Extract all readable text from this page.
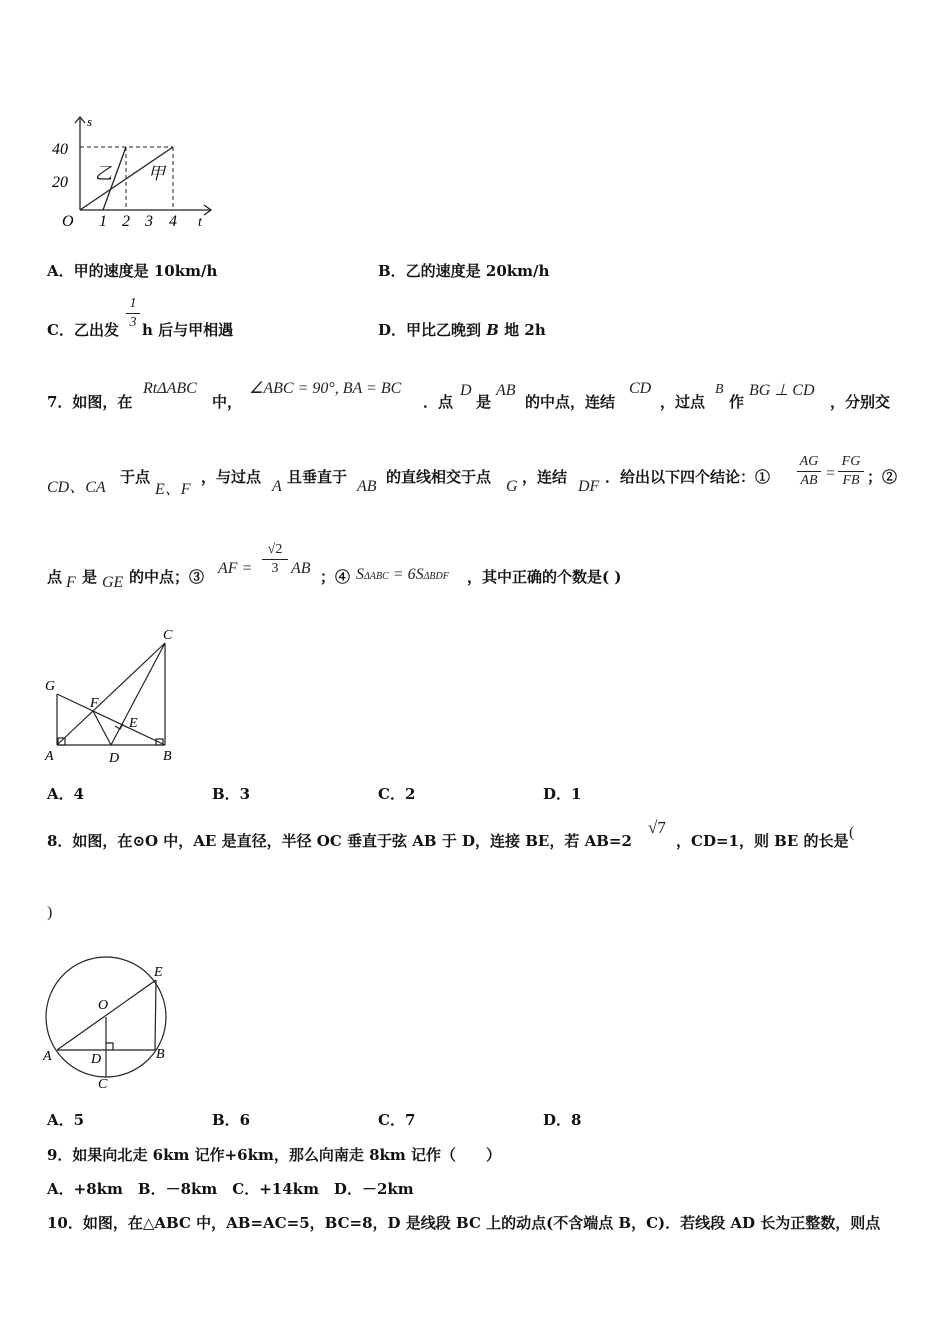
s
t
O
40
20
1 2 3 4
乙 甲
A．甲的速度是 10km/h	B．乙的速度是 20km/h
C．乙出发
1
3 h 后与甲相遇	D．甲比乙晚到 B 地 2h
7．如图，在
RtΔABC
中，
∠ABC = 90°, BA = BC
．点
D
是
AB
的中点，连结
CD
，过点
B
作
BG ⊥ CD
，分别交
CD、CA
于点
E、F
，与过点
A
且垂直于
AB
的直线相交于点
G
，连结
DF
．给出以下四个结论：①
AG
AB =
FG
FB ；②
点 F 是 GE 的中点；③ AF =
√2
3 AB ；④ SΔABC = 6SΔBDF ，其中正确的个数是( )
C
G
F
E
A	D	B
A．4	B．3	C．2	D．1
8．如图，在⊙O 中，AE 是直径，半径 OC 垂直于弦 AB 于 D，连接 BE，若 AB=2
√7
，CD=1，则 BE 的长是 (
)
E
O
A	D	B
C
A．5	B．6	C．7	D．8
9．如果向北走 6km 记作+6km，那么向南走 8km 记作（　　）
A．+8km　B．－8km　C．+14km　D．－2km
10．如图，在△ABC 中，AB=AC=5，BC=8，D 是线段 BC 上的动点(不含端点 B，C)．若线段 AD 长为正整数，则点
